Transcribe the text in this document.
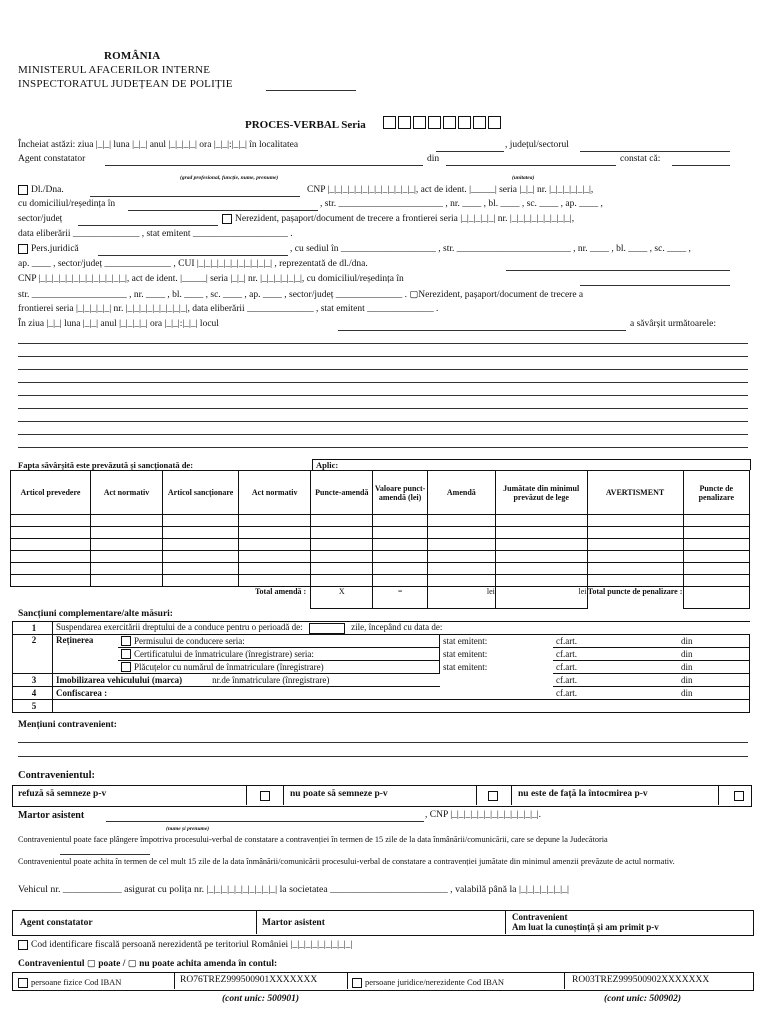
ROMÂNIA
MINISTERUL AFACERILOR INTERNE
INSPECTORATUL JUDEȚEAN DE POLIȚIE
PROCES-VERBAL Seria
Încheiat astăzi: ziua |_|_| luna |_|_| anul |_|_|_|_| ora |_|_|:|_|_| în localitatea	, județul/sectorul
Agent constatator	din	constat că:
(grad profesional, funcție, nume, prenume)	(unitatea)
Dl./Dna.	CNP |_|_|_|_|_|_|_|_|_|_|_|_|_|, act de ident. |_____| seria |_|_| nr. |_|_|_|_|_|_|,
cu domiciliul/reședința în	, str. ______________________ , nr. ____ , bl. ____ , sc. ____ , ap. ____ ,
sector/județ	Nerezident, pașaport/document de trecere a frontierei seria |_|_|_|_|_| nr. |_|_|_|_|_|_|_|_|_|,
data eliberării ______________ , stat emitent ____________________ .
Pers.juridică	, cu sediul în ____________________ , str. ________________________ , nr. ____ , bl. ____ , sc. ____ ,
ap. ____ , sector/județ ______________ , CUI |_|_|_|_|_|_|_|_|_|_|_| , reprezentată de dl./dna.
CNP |_|_|_|_|_|_|_|_|_|_|_|_|_|, act de ident. |_____| seria |_|_| nr. |_|_|_|_|_|_|, cu domiciliul/reședința în
str. ____________________ , nr. ____ , bl. ____ , sc. ____ , ap. ____ , sector/județ ______________ . ▢Nerezident, pașaport/document de trecere a
frontierei seria |_|_|_|_|_| nr. |_|_|_|_|_|_|_|_|_|, data eliberării ______________ , stat emitent ______________ .
În ziua |_|_| luna |_|_| anul |_|_|_|_| ora |_|_|:|_|_| locul	a săvârșit următoarele:
Fapta săvârșită este prevăzută și sancționată de:	Aplic:
Articol prevedere	Act normativ	Articol sancționare	Act normativ	Puncte-amendă	Valoare punct-amendă (lei)	Amendă	Jumătate din minimul prevăzut de lege	AVERTISMENT	Puncte de penalizare

Total amendă :				X	=	lei	lei	Total puncte de penalizare :	
Sancțiuni complementare/alte măsuri:
1	Suspendarea exercitării dreptului de a conduce pentru o perioadă de: zile, începând cu data de:			
2	Reținerea	Permisului de conducere seria:	stat emitent:	cf.art. din
		Certificatului de înmatriculare (înregistrare) seria:	stat emitent:	cf.art. din
		Plăcuțelor cu numărul de înmatriculare (înregistrare)	stat emitent:	cf.art. din
3	Imobilizarea vehiculului (marca) nr.de înmatriculare (înregistrare)			cf.art. din
4	Confiscarea :			cf.art. din
5				
Mențiuni contravenient:
Contravenientul:
refuză să semneze p-v	nu poate să semneze p-v	nu este de față la întocmirea p-v
Martor asistent	, CNP |_|_|_|_|_|_|_|_|_|_|_|_|_|.
(nume și prenume)
Contravenientul poate face plângere împotriva procesului-verbal de constatare a contravenției în termen de 15 zile de la data înmânării/comunicării, care se depune la Judecătoria
Contravenientul poate achita în termen de cel mult 15 zile de la data înmânării/comunicării procesului-verbal de constatare a contravenției jumătate din minimul amenzii prevăzute de actul normativ.
Vehicul nr. ____________ asigurat cu polița nr. |_|_|_|_|_|_|_|_|_|_| la societatea ________________________ , valabilă până la |_|_|_|_|_|_|_|
Agent constatator	Martor asistent
Contravenient
Am luat la cunoștință și am primit p-v
Cod identificare fiscală persoană nerezidentă pe teritoriul României |_|_|_|_|_|_|_|_|_|
Contravenientul ▢ poate / ▢ nu poate achita amenda în contul:
persoane fizice Cod IBAN	RO76TREZ999500901XXXXXXX	persoane juridice/nerezidente Cod IBAN	RO03TREZ999500902XXXXXXX
(cont unic: 500901)	(cont unic: 500902)
